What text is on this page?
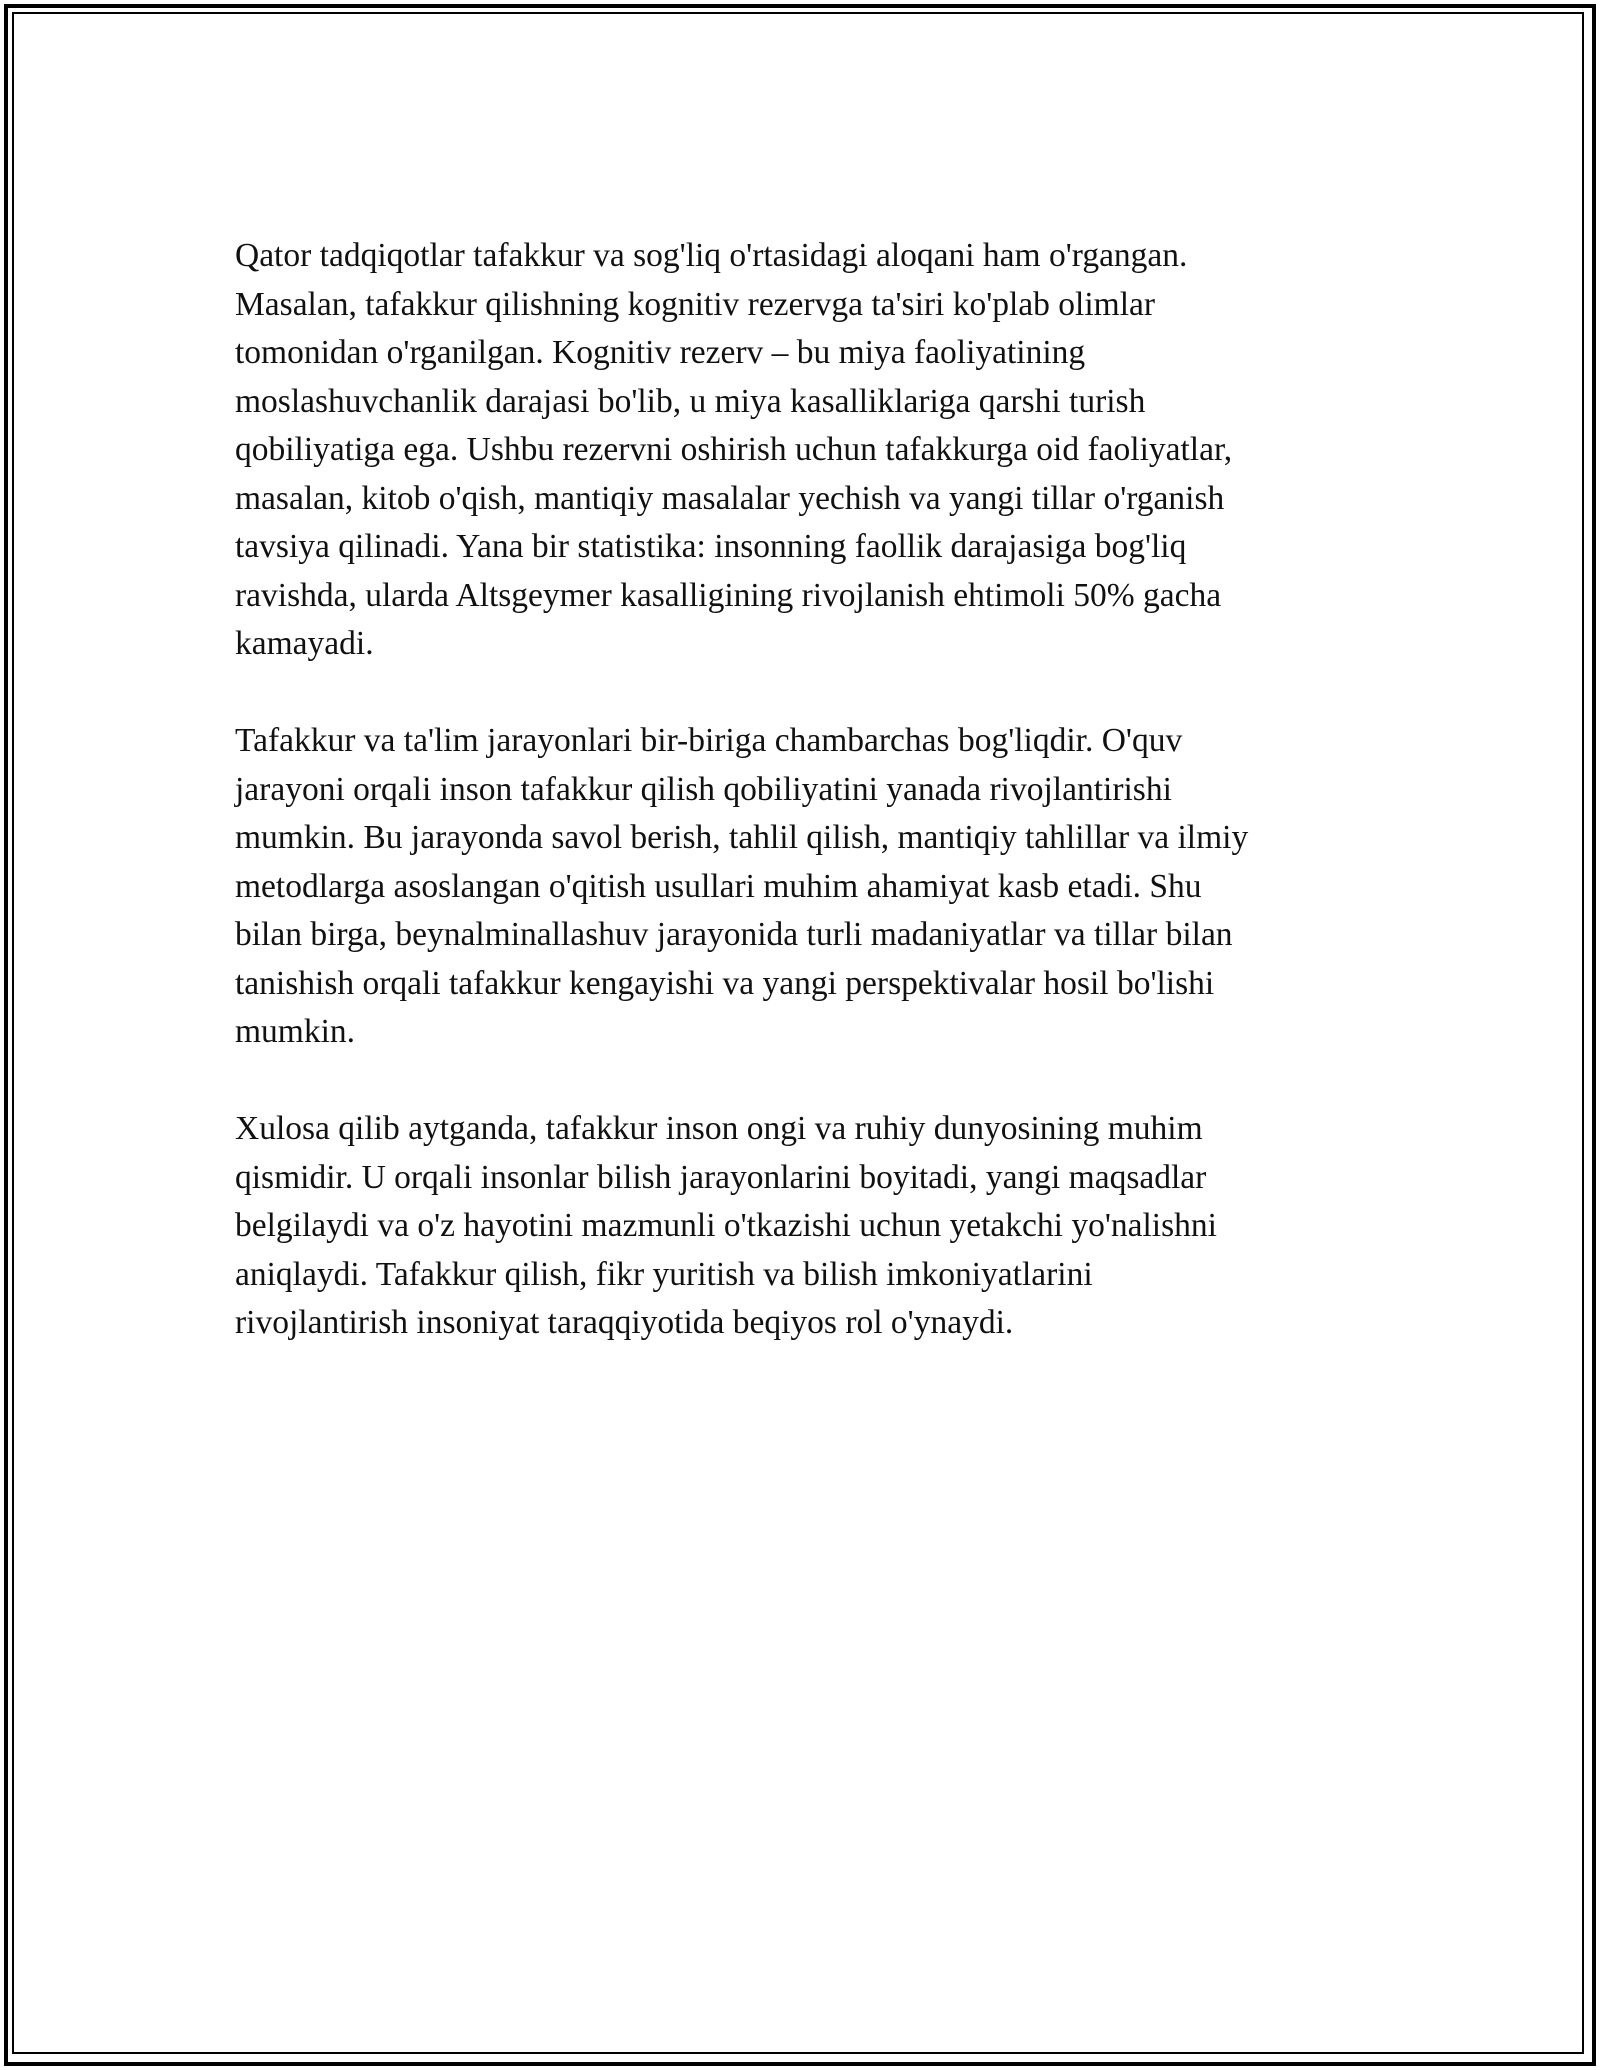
Qator tadqiqotlar tafakkur va sog'liq o'rtasidagi aloqani ham o'rgangan.
Masalan, tafakkur qilishning kognitiv rezervga ta'siri ko'plab olimlar
tomonidan o'rganilgan. Kognitiv rezerv – bu miya faoliyatining
moslashuvchanlik darajasi bo'lib, u miya kasalliklariga qarshi turish
qobiliyatiga ega. Ushbu rezervni oshirish uchun tafakkurga oid faoliyatlar,
masalan, kitob o'qish, mantiqiy masalalar yechish va yangi tillar o'rganish
tavsiya qilinadi. Yana bir statistika: insonning faollik darajasiga bog'liq
ravishda, ularda Altsgeymer kasalligining rivojlanish ehtimoli 50% gacha
kamayadi.

Tafakkur va ta'lim jarayonlari bir-biriga chambarchas bog'liqdir. O'quv
jarayoni orqali inson tafakkur qilish qobiliyatini yanada rivojlantirishi
mumkin. Bu jarayonda savol berish, tahlil qilish, mantiqiy tahlillar va ilmiy
metodlarga asoslangan o'qitish usullari muhim ahamiyat kasb etadi. Shu
bilan birga, beynalminallashuv jarayonida turli madaniyatlar va tillar bilan
tanishish orqali tafakkur kengayishi va yangi perspektivalar hosil bo'lishi
mumkin.

Xulosa qilib aytganda, tafakkur inson ongi va ruhiy dunyosining muhim
qismidir. U orqali insonlar bilish jarayonlarini boyitadi, yangi maqsadlar
belgilaydi va o'z hayotini mazmunli o'tkazishi uchun yetakchi yo'nalishni
aniqlaydi. Tafakkur qilish, fikr yuritish va bilish imkoniyatlarini
rivojlantirish insoniyat taraqqiyotida beqiyos rol o'ynaydi.
